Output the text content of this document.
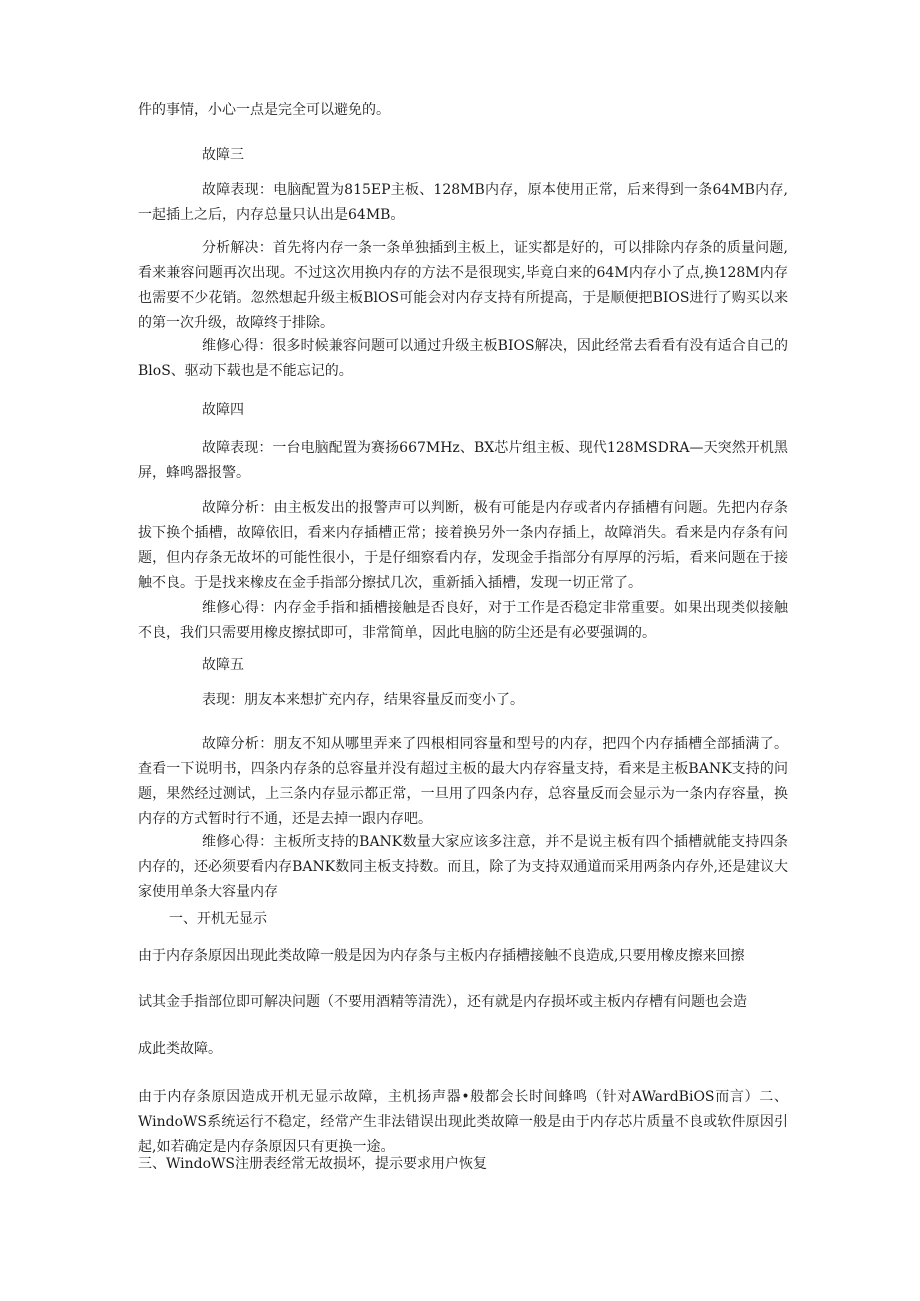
件的事情，小心一点是完全可以避免的。

故障三

故障表现：电脑配置为815EP主板、128MB内存，原本使用正常，后来得到一条64MB内存,一起插上之后，内存总量只认出是64MB。

分析解决：首先将内存一条一条单独插到主板上，证实都是好的，可以排除内存条的质量问题,看来兼容问题再次出现。不过这次用换内存的方法不是很现实,毕竟白来的64M内存小了点,换128M内存也需要不少花销。忽然想起升级主板BlOS可能会对内存支持有所提高，于是顺便把BIOS进行了购买以来的第一次升级，故障终于排除。

维修心得：很多时候兼容问题可以通过升级主板BIOS解决，因此经常去看看有没有适合自己的BloS、驱动下载也是不能忘记的。

故障四

故障表现：一台电脑配置为赛扬667MHz、BX芯片组主板、现代128MSDRA—天突然开机黑屏，蜂鸣器报警。

故障分析：由主板发出的报警声可以判断，极有可能是内存或者内存插槽有问题。先把内存条拔下换个插槽，故障依旧，看来内存插槽正常；接着换另外一条内存插上，故障消失。看来是内存条有问题，但内存条无故坏的可能性很小，于是仔细察看内存，发现金手指部分有厚厚的污垢，看来问题在于接触不良。于是找来橡皮在金手指部分擦拭几次，重新插入插槽，发现一切正常了。

维修心得：内存金手指和插槽接触是否良好，对于工作是否稳定非常重要。如果出现类似接触不良，我们只需要用橡皮擦拭即可，非常简单，因此电脑的防尘还是有必要强调的。

故障五

表现：朋友本来想扩充内存，结果容量反而变小了。

故障分析：朋友不知从哪里弄来了四根相同容量和型号的内存，把四个内存插槽全部插满了。查看一下说明书，四条内存条的总容量并没有超过主板的最大内存容量支持，看来是主板BANK支持的问题，果然经过测试，上三条内存显示都正常，一旦用了四条内存，总容量反而会显示为一条内存容量，换内存的方式暂时行不通，还是去掉一跟内存吧。

维修心得：主板所支持的BANK数量大家应该多注意，并不是说主板有四个插槽就能支持四条内存的，还必须要看内存BANK数同主板支持数。而且，除了为支持双通道而采用两条内存外,还是建议大家使用单条大容量内存

一、开机无显示

由于内存条原因出现此类故障一般是因为内存条与主板内存插槽接触不良造成,只要用橡皮擦来回擦

试其金手指部位即可解决问题（不要用酒精等清洗），还有就是内存损坏或主板内存槽有问题也会造

成此类故障。

由于内存条原因造成开机无显示故障，主机扬声器•般都会长时间蜂鸣（针对AWardBiOS而言）二、WindoWS系统运行不稳定，经常产生非法错误出现此类故障一般是由于内存芯片质量不良或软件原因引起,如若确定是内存条原因只有更换一途。

三、WindoWS注册表经常无故损坏，提示要求用户恢复
